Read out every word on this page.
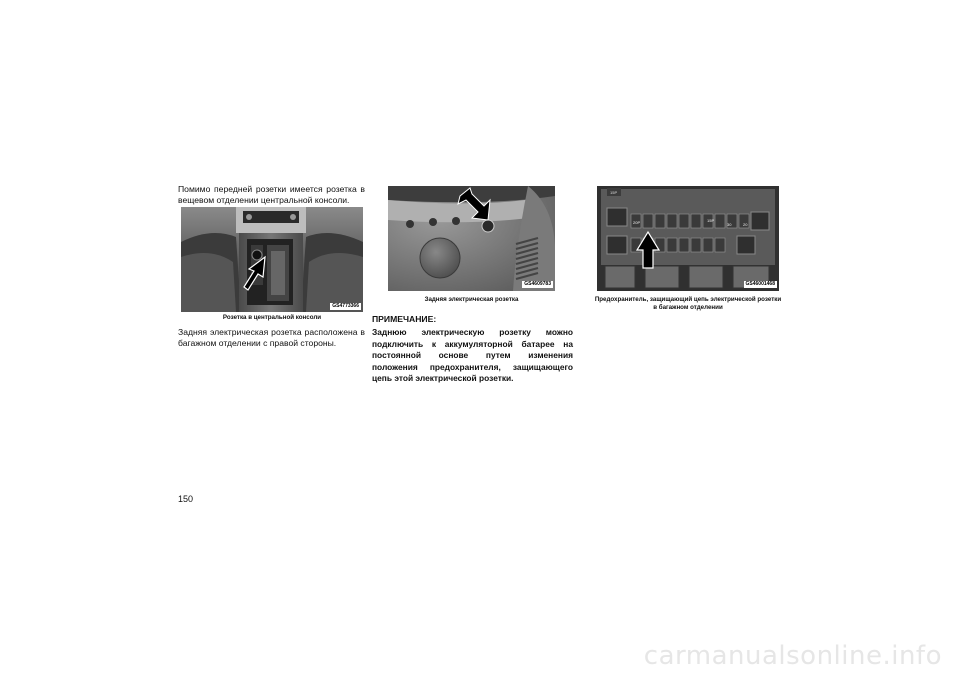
Помимо передней розетки имеется розетка в вещевом отделении центральной консоли.
GS4773366
Розетка в центральной консоли
Задняя электрическая розетка расположена в багажном отделении с правой стороны.
GS4609783
Задняя электрическая розетка
ПРИМЕЧАНИЕ:
Заднюю электрическую розетку можно подключить к аккумуляторной батарее на постоянной основе путем изменения положения предохранителя, защищающего цепь этой электрической розетки.
15P
20P	15P
30	20
GS46001468
Предохранитель, защищающий цепь электрической розетки
в багажном отделении
150
carmanualsonline.info
